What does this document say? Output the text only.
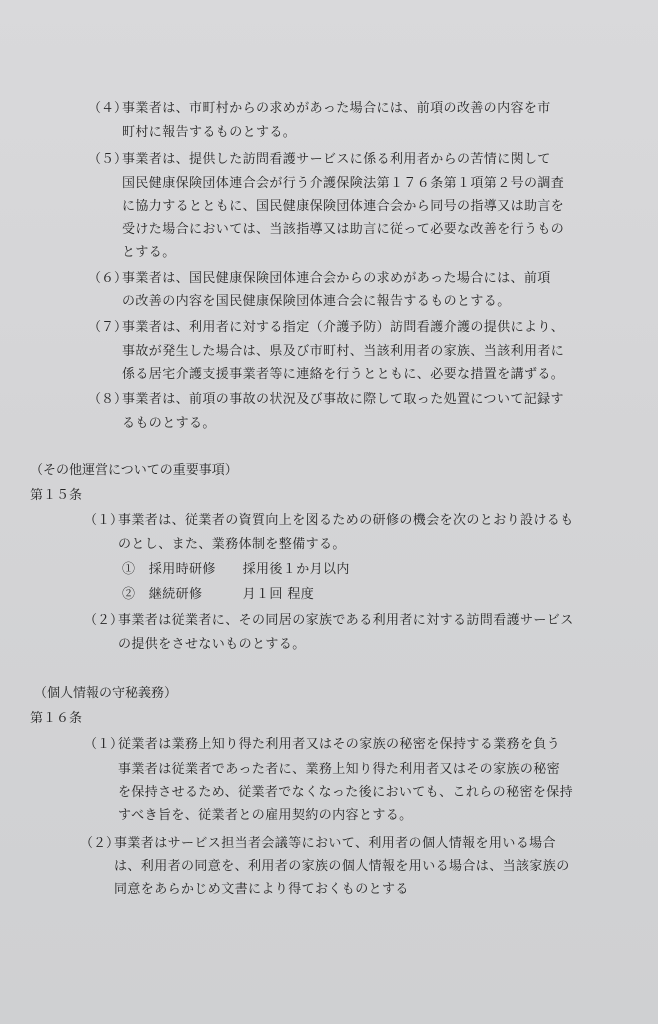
（４）
事業者は、市町村からの求めがあった場合には、前項の改善の内容を市
町村に報告するものとする。
（５）
事業者は、提供した訪問看護サービスに係る利用者からの苦情に関して
国民健康保険団体連合会が行う介護保険法第１７６条第１項第２号の調査
に協力するとともに、国民健康保険団体連合会から同号の指導又は助言を
受けた場合においては、当該指導又は助言に従って必要な改善を行うもの
とする。
（６）
事業者は、国民健康保険団体連合会からの求めがあった場合には、前項
の改善の内容を国民健康保険団体連合会に報告するものとする。
（７）
事業者は、利用者に対する指定（介護予防）訪問看護介護の提供により、
事故が発生した場合は、県及び市町村、当該利用者の家族、当該利用者に
係る居宅介護支援事業者等に連絡を行うとともに、必要な措置を講ずる。
（８）
事業者は、前項の事故の状況及び事故に際して取った処置について記録す
るものとする。
（その他運営についての重要事項）
第１５条
（１）
事業者は、従業者の資質向上を図るための研修の機会を次のとおり設けるも
のとし、また、業務体制を整備する。
①　採用時研修　　採用後１か月以内
②　継続研修　　　月１回 程度
（２）
事業者は従業者に、その同居の家族である利用者に対する訪問看護サービス
の提供をさせないものとする。
（個人情報の守秘義務）
第１６条
（１）
従業者は業務上知り得た利用者又はその家族の秘密を保持する業務を負う
事業者は従業者であった者に、業務上知り得た利用者又はその家族の秘密
を保持させるため、従業者でなくなった後においても、これらの秘密を保持
すべき旨を、従業者との雇用契約の内容とする。
（２）
事業者はサービス担当者会議等において、利用者の個人情報を用いる場合
は、利用者の同意を、利用者の家族の個人情報を用いる場合は、当該家族の
同意をあらかじめ文書により得ておくものとする
